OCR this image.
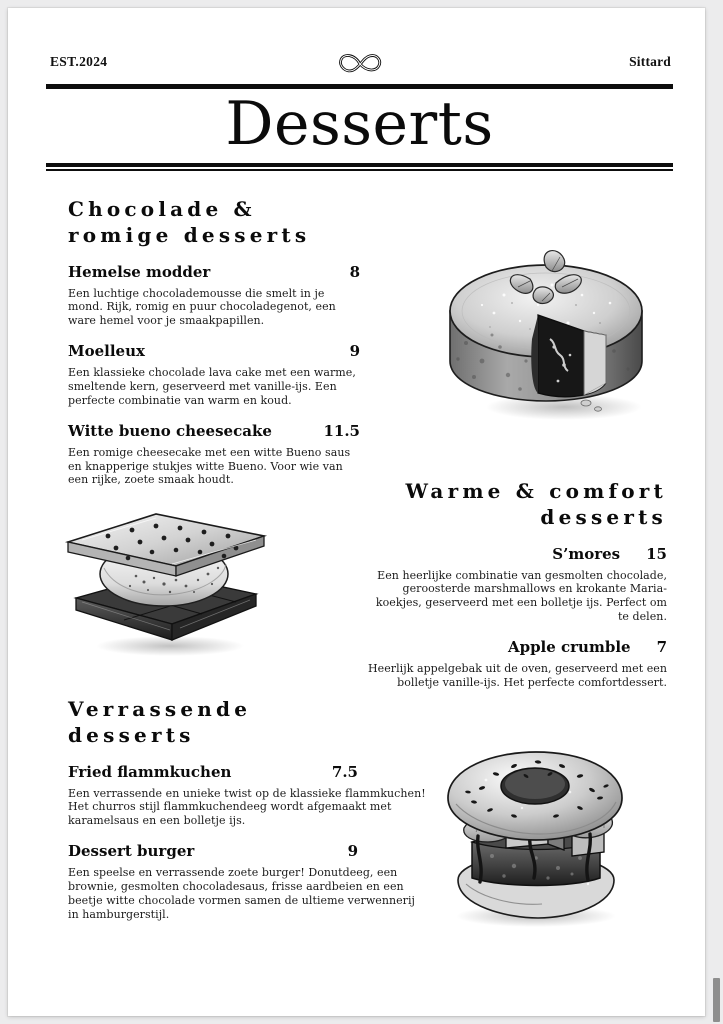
EST.2024	Sittard
Desserts
Chocolade &
romige desserts
Hemelse modder	8
Een luchtige chocolademousse die smelt in je mond. Rijk, romig en puur chocoladegenot, een ware hemel voor je smaakpapillen.
Moelleux	9
Een klassieke chocolade lava cake met een warme, smeltende kern, geserveerd met vanille-ijs. Een perfecte combinatie van warm en koud.
Witte bueno cheesecake	11.5
Een romige cheesecake met een witte Bueno saus en knapperige stukjes witte Bueno. Voor wie van een rijke, zoete smaak houdt.	Warme & comfort
desserts
S’mores 15
Een heerlijke combinatie van gesmolten chocolade, geroosterde marshmallows en krokante Maria-koekjes, geserveerd met een bolletje ijs. Perfect om te delen.
Apple crumble 7
Heerlijk appelgebak uit de oven, geserveerd met een bolletje vanille-ijs. Het perfecte comfortdessert.
Verrassende
desserts
Fried flammkuchen	7.5
Een verrassende en unieke twist op de klassieke flammkuchen! Het churros stijl flammkuchendeeg wordt afgemaakt met karamelsaus en een bolletje ijs.
Dessert burger	9
Een speelse en verrassende zoete burger! Donutdeeg, een brownie, gesmolten chocoladesaus, frisse aardbeien en een beetje witte chocolade vormen samen de ultieme verwennerij in hamburgerstijl.
